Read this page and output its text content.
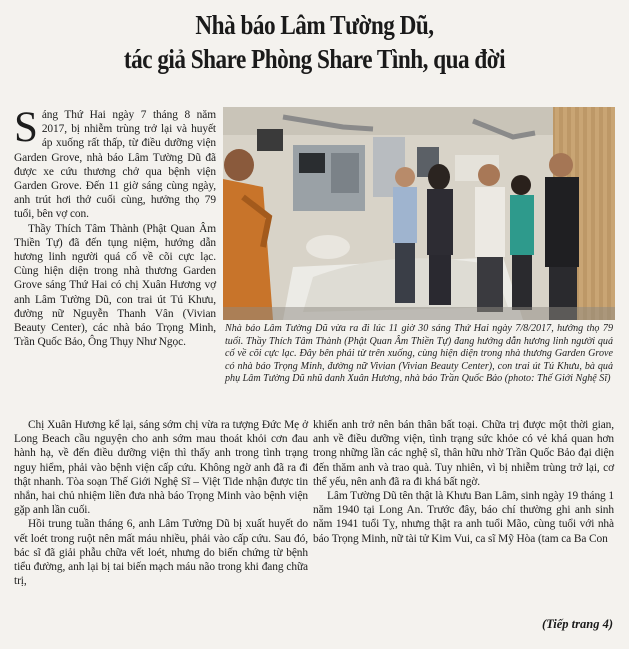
Nhà báo Lâm Tường Dũ,
tác giả Share Phòng Share Tình, qua đời

Sáng Thứ Hai ngày 7 tháng 8 năm 2017, bị nhiễm trùng trở lại và huyết áp xuống rất thấp, từ điều dưỡng viện Garden Grove, nhà báo Lâm Tường Dũ đã được xe cứu thương chở qua bệnh viện Garden Grove. Đến 11 giờ sáng cùng ngày, anh trút hơi thở cuối cùng, hưởng thọ 79 tuổi, bên vợ con.

Thầy Thích Tâm Thành (Phật Quan Âm Thiền Tự) đã đến tụng niệm, hướng dẫn hương linh người quá cố về cõi cực lạc. Cùng hiện diện trong nhà thương Garden Grove sáng Thứ Hai có chị Xuân Hương vợ anh Lâm Tường Dũ, con trai út Tú Khưu, đường nữ Nguyễn Thanh Vân (Vivian Beauty Center), các nhà báo Trọng Minh, Trần Quốc Bảo, Ông Thụy Như Ngọc.

Nhà báo Lâm Tường Dũ vừa ra đi lúc 11 giờ 30 sáng Thứ Hai ngày 7/8/2017, hưởng thọ 79 tuổi. Thầy Thích Tâm Thành (Phật Quan Âm Thiền Tự) đang hướng dẫn hương linh người quá cố về cõi cực lạc. Đây bên phải từ trên xuống, cùng hiện diện trong nhà thương Garden Grove có nhà báo Trọng Minh, đường nữ Vivian (Vivian Beauty Center), con trai út Tú Khưu, bà quả phụ Lâm Tường Dũ nhũ danh Xuân Hương, nhà báo Trần Quốc Bảo (photo: Thế Giới Nghệ Sĩ)

Chị Xuân Hương kể lại, sáng sớm chị vừa ra tượng Đức Mẹ ở Long Beach cầu nguyện cho anh sớm mau thoát khỏi cơn đau hành hạ, về đến điều dưỡng viện thì thấy anh trong tình trạng nguy hiểm, phải vào bệnh viện cấp cứu. Không ngờ anh đã ra đi thật nhanh. Tòa soạn Thế Giới Nghệ Sĩ – Việt Tide nhận được tin nhắn, hai chủ nhiệm liền đưa nhà báo Trọng Minh vào bệnh viện gặp anh lần cuối.

Hồi trung tuần tháng 6, anh Lâm Tường Dũ bị xuất huyết do vết loét trong ruột nên mất máu nhiều, phải vào cấp cứu. Sau đó, bác sĩ đã giải phẫu chữa vết loét, nhưng do biến chứng từ bệnh tiểu đường, anh lại bị tai biến mạch máu não trong khi đang chữa trị,

khiến anh trở nên bán thân bất toại. Chữa trị được một thời gian, anh về điều dưỡng viện, tình trạng sức khỏe có vẻ khá quan hơn trong những lần các nghệ sĩ, thân hữu nhờ Trần Quốc Bảo đại diện đến thăm anh và trao quà. Tuy nhiên, vì bị nhiễm trùng trở lại, cơ thể yếu, nên anh đã ra đi khá bất ngờ.

Lâm Tường Dũ tên thật là Khưu Ban Lâm, sinh ngày 19 tháng 1 năm 1940 tại Long An. Trước đây, báo chí thường ghi anh sinh năm 1941 tuổi Tỵ, nhưng thật ra anh tuổi Mão, cùng tuổi với nhà báo Trọng Minh, nữ tài tử Kim Vui, ca sĩ Mỹ Hòa (tam ca Ba Con

(Tiếp trang 4)
